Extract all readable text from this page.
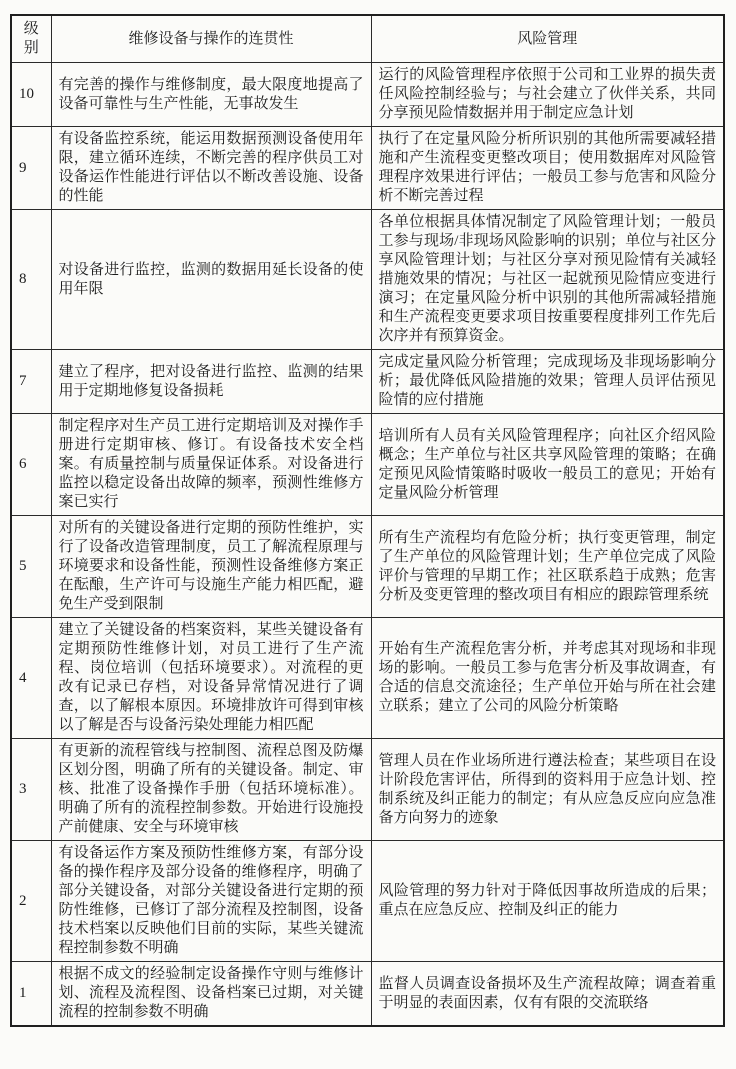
级别	维修设备与操作的连贯性	风险管理
10	有完善的操作与维修制度，最大限度地提高了设备可靠性与生产性能，无事故发生	运行的风险管理程序依照于公司和工业界的损失责任风险控制经验与；与社会建立了伙伴关系，共同分享预见险情数据并用于制定应急计划
9	有设备监控系统，能运用数据预测设备使用年限，建立循环连续，不断完善的程序供员工对设备运作性能进行评估以不断改善设施、设备的性能	执行了在定量风险分析所识别的其他所需要减轻措施和产生流程变更整改项目；使用数据库对风险管理程序效果进行评估；一般员工参与危害和风险分析不断完善过程
8	对设备进行监控，监测的数据用延长设备的使用年限	各单位根据具体情况制定了风险管理计划；一般员工参与现场/非现场风险影响的识别；单位与社区分享风险管理计划；与社区分享对预见险情有关减轻措施效果的情况；与社区一起就预见险情应变进行演习；在定量风险分析中识别的其他所需减轻措施和生产流程变更要求项目按重要程度排列工作先后次序并有预算资金。
7	建立了程序，把对设备进行监控、监测的结果用于定期地修复设备损耗	完成定量风险分析管理；完成现场及非现场影响分析；最优降低风险措施的效果；管理人员评估预见险情的应付措施
6	制定程序对生产员工进行定期培训及对操作手册进行定期审核、修订。有设备技术安全档案。有质量控制与质量保证体系。对设备进行监控以稳定设备出故障的频率，预测性维修方案已实行	培训所有人员有关风险管理程序；向社区介绍风险概念；生产单位与社区共享风险管理的策略；在确定预见风险情策略时吸收一般员工的意见；开始有定量风险分析管理
5	对所有的关键设备进行定期的预防性维护，实行了设备改造管理制度，员工了解流程原理与环境要求和设备性能，预测性设备维修方案正在酝酿，生产许可与设施生产能力相匹配，避免生产受到限制	所有生产流程均有危险分析；执行变更管理，制定了生产单位的风险管理计划；生产单位完成了风险评价与管理的早期工作；社区联系趋于成熟；危害分析及变更管理的整改项目有相应的跟踪管理系统
4	建立了关键设备的档案资料，某些关键设备有定期预防性维修计划，对员工进行了生产流程、岗位培训（包括环境要求）。对流程的更改有记录已存档，对设备异常情况进行了调查，以了解根本原因。环境排放许可得到审核以了解是否与设备污染处理能力相匹配	开始有生产流程危害分析，并考虑其对现场和非现场的影响。一般员工参与危害分析及事故调查，有合适的信息交流途径；生产单位开始与所在社会建立联系；建立了公司的风险分析策略
3	有更新的流程管线与控制图、流程总图及防爆区划分图，明确了所有的关键设备。制定、审核、批准了设备操作手册（包括环境标准）。明确了所有的流程控制参数。开始进行设施投产前健康、安全与环境审核	管理人员在作业场所进行遵法检查；某些项目在设计阶段危害评估，所得到的资料用于应急计划、控制系统及纠正能力的制定；有从应急反应向应急准备方向努力的迹象
2	有设备运作方案及预防性维修方案，有部分设备的操作程序及部分设备的维修程序，明确了部分关键设备，对部分关键设备进行定期的预防性维修，已修订了部分流程及控制图，设备技术档案以反映他们目前的实际，某些关键流程控制参数不明确	风险管理的努力针对于降低因事故所造成的后果；重点在应急反应、控制及纠正的能力
1	根据不成文的经验制定设备操作守则与维修计划、流程及流程图、设备档案已过期，对关键流程的控制参数不明确	监督人员调查设备损坏及生产流程故障；调查着重于明显的表面因素，仅有有限的交流联络
